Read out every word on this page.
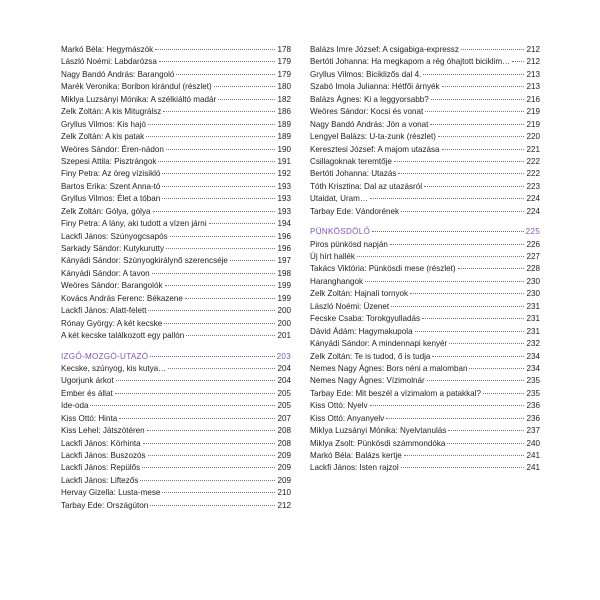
Markó Béla: Hegymászók	178
László Noémi: Labdarózsa	179
Nagy Bandó András: Barangoló	179
Marék Veronika: Boribon kirándul (részlet)	180
Miklya Luzsányi Mónika: A szélkiáltó madár	182
Zelk Zoltán: A kis Mitugrálsz	186
Gryllus Vilmos: Kis hajó	189
Zelk Zoltán: A kis patak	189
Weöres Sándor: Éren-nádon	190
Szepesi Attila: Pisztrángok	191
Finy Petra: Az öreg vízisikló	192
Bartos Erika: Szent Anna-tó	193
Gryllus Vilmos: Élet a tóban	193
Zelk Zoltán: Gólya, gólya	193
Finy Petra: A lány, aki tudott a vízen járni	194
Lackfi János: Szúnyogcsapós	196
Sarkady Sándor: Kutykurutty	196
Kányádi Sándor: Szúnyogkirálynő szerencséje	197
Kányádi Sándor: A tavon	198
Weöres Sándor: Barangolók	199
Kovács András Ferenc: Békazene	199
Lackfi János: Alatt-felett	200
Rónay György: A két kecske	200
A két kecske találkozott egy pallón	201
IZGŐ-MOZGÓ-UTAZÓ	203
Kecske, szúnyog, kis kutya…	204
Ugorjunk árkot	204
Ember és állat	205
Ide-oda	205
Kiss Ottó: Hinta	207
Kiss Lehel: Játszótéren	208
Lackfi János: Körhinta	208
Lackfi János: Buszozós	209
Lackfi János: Repülős	209
Lackfi János: Liftezős	209
Hervay Gizella: Lusta-mese	210
Tarbay Ede: Országúton	212
Balázs Imre József: A csigabiga-expressz	212
Bertóti Johanna: Ha megkapom a rég óhajtott biciklim… 212
Gryllus Vilmos: Biciklizős dal 4.	213
Szabó Imola Julianna: Hétfői árnyék	213
Balázs Ágnes: Ki a leggyorsabb?	216
Weöres Sándor: Kocsi és vonat	219
Nagy Bandó András: Jön a vonat	219
Lengyel Balázs: U-ta-zunk (részlet)	220
Keresztesi József: A majom utazása	221
Csillagoknak teremtője	222
Bertóti Johanna: Utazás	222
Tóth Krisztina: Dal az utazásról	223
Utaidat, Uram…	224
Tarbay Ede: Vándorének	224
PÜNKÖSDÖLŐ	225
Piros pünkösd napján	226
Új hírt hallék	227
Takács Viktória: Pünkösdi mese (részlet)	228
Haranghangok	230
Zelk Zoltán: Hajnali tornyok	230
László Noémi: Üzenet	231
Fecske Csaba: Torokgyulladás	231
Dávid Ádám: Hagymakupola	231
Kányádi Sándor: A mindennapi kenyér	232
Zelk Zoltán: Te is tudod, ő is tudja	234
Nemes Nagy Ágnes: Bors néni a malomban	234
Nemes Nagy Ágnes: Vízimolnár	235
Tarbay Ede: Mit beszél a vízimalom a patakkal?	235
Kiss Ottó: Nyelv	236
Kiss Ottó: Anyanyelv	236
Miklya Luzsányi Mónika: Nyelvtanulás	237
Miklya Zsolt: Pünkösdi számmondóka	240
Markó Béla: Balázs kertje	241
Lackfi János: Isten rajzol	241
